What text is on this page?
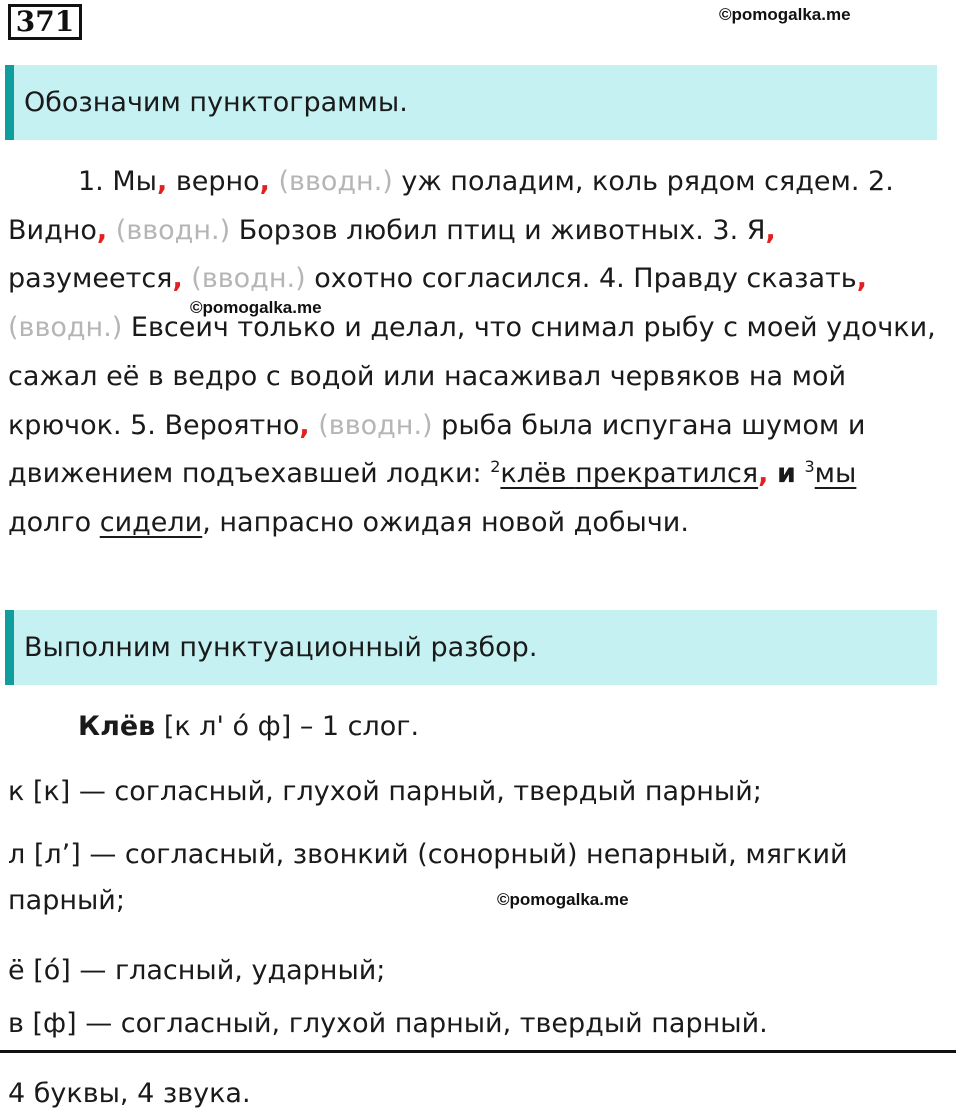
371	©pomogalka.me
Обозначим пунктограммы.
1. Мы, верно, (вводн.) уж поладим, коль рядом сядем. 2. Видно, (вводн.) Борзов любил птиц и животных. 3. Я, разумеется, (вводн.) охотно согласился. 4. Правду сказать, (вводн.) Евсеич только и делал, что снимал рыбу с моей удочки, сажал её в ведро с водой или насаживал червяков на мой крючок. 5. Вероятно, (вводн.) рыба была испугана шумом и движением подъехавшей лодки: $^2$клёв прекратился, и $^3$мы долго сидели, напрасно ожидая новой добычи.
©pomogalka.me
Выполним пунктуационный разбор.
Клёв [к л' о́ ф] – 1 слог.
к [к] — согласный, глухой парный, твердый парный;
л [л’] — согласный, звонкий (сонорный) непарный, мягкий парный;	©pomogalka.me
ё [о́] — гласный, ударный;
в [ф] — согласный, глухой парный, твердый парный.
4 буквы, 4 звука.
